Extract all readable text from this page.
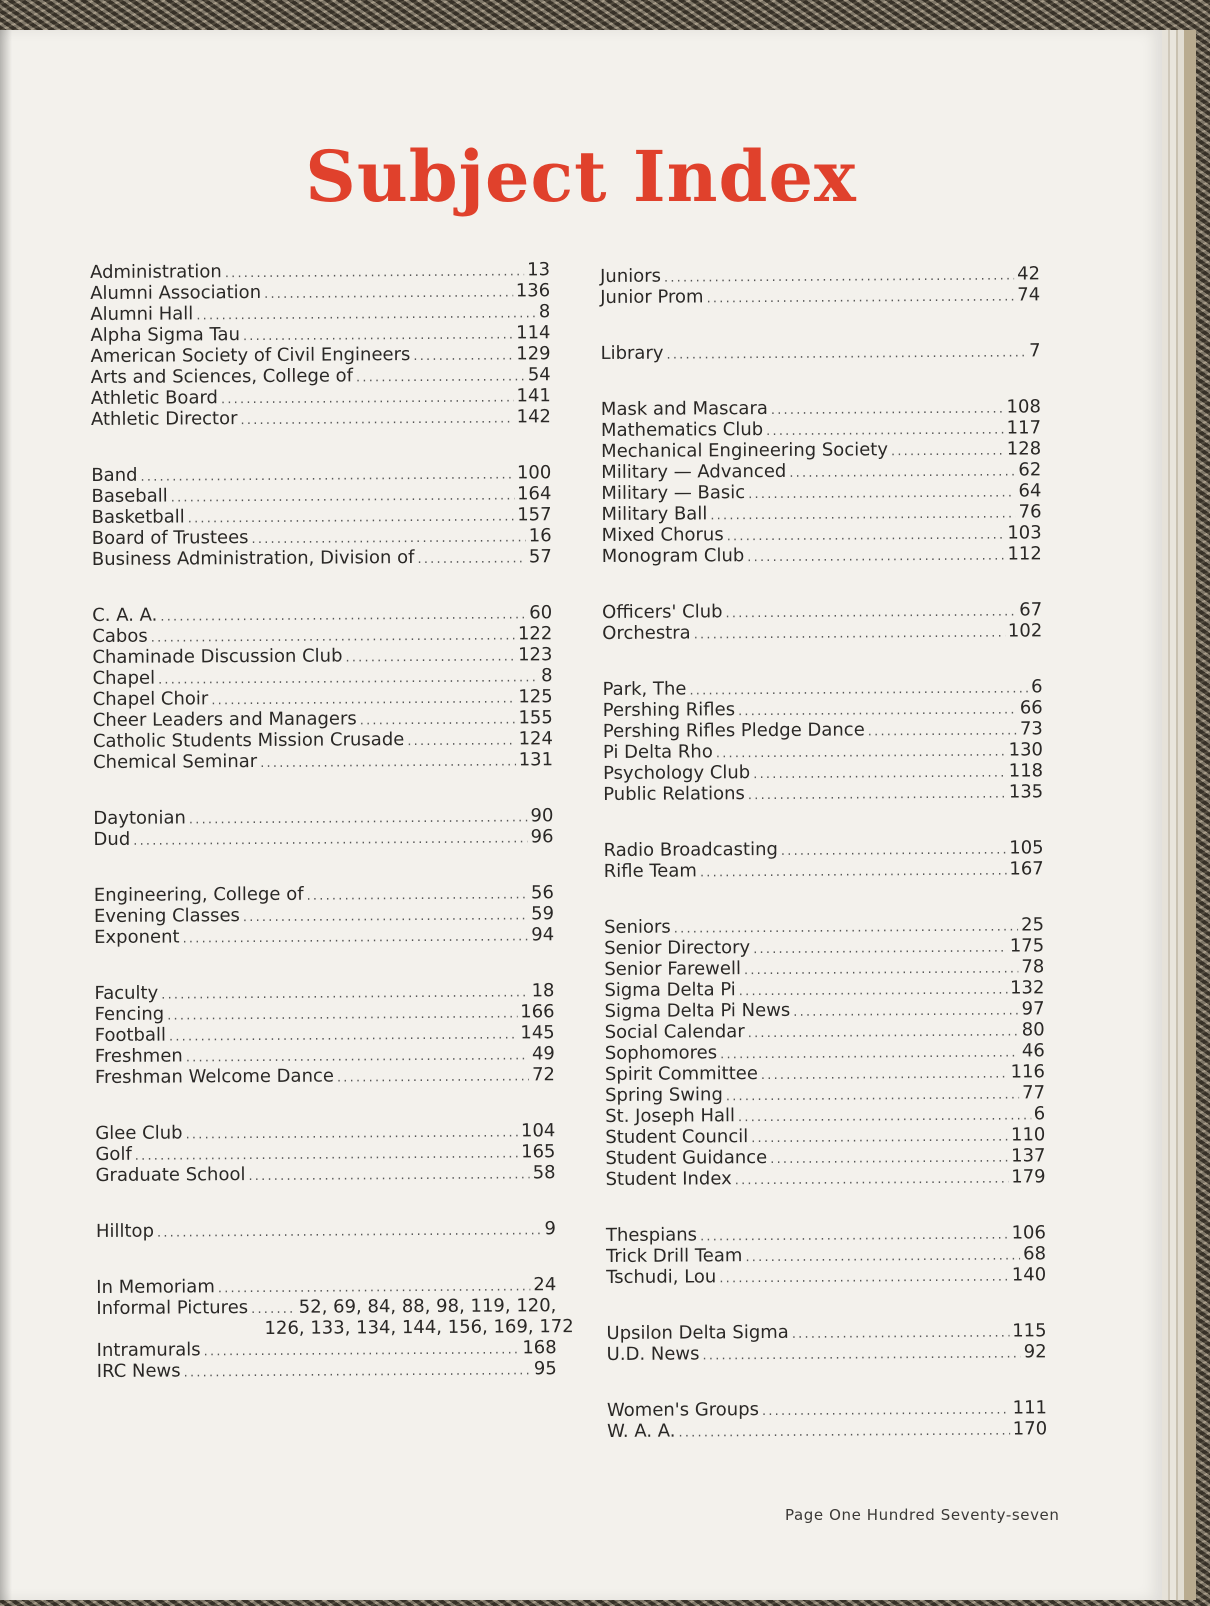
Subject Index
Administration .....	13
Alumni Association .....	136
Alumni Hall .....	8
Alpha Sigma Tau .....	114
American Society of Civil Engineers .....	129
Arts and Sciences, College of .....	54
Athletic Board .....	141
Athletic Director .....	142
Band .....	100
Baseball .....	164
Basketball .....	157
Board of Trustees .....	16
Business Administration, Division of .....	57
C. A. A. .....	60
Cabos .....	122
Chaminade Discussion Club .....	123
Chapel .....	8
Chapel Choir .....	125
Cheer Leaders and Managers .....	155
Catholic Students Mission Crusade .....	124
Chemical Seminar .....	131
Daytonian .....	90
Dud .....	96
Engineering, College of .....	56
Evening Classes .....	59
Exponent .....	94
Faculty .....	18
Fencing .....	166
Football .....	145
Freshmen .....	49
Freshman Welcome Dance .....	72
Glee Club .....	104
Golf .....	165
Graduate School .....	58
Hilltop .....	9
In Memoriam .....	24
Informal Pictures .....	52, 69, 84, 88, 98, 119, 120,
126, 133, 134, 144, 156, 169, 172
Intramurals .....	168
IRC News .....	95
Juniors .....	42
Junior Prom .....	74
Library .....	7
Mask and Mascara .....	108
Mathematics Club .....	117
Mechanical Engineering Society .....	128
Military — Advanced .....	62
Military — Basic .....	64
Military Ball .....	76
Mixed Chorus .....	103
Monogram Club .....	112
Officers' Club .....	67
Orchestra .....	102
Park, The .....	6
Pershing Rifles .....	66
Pershing Rifles Pledge Dance .....	73
Pi Delta Rho .....	130
Psychology Club .....	118
Public Relations .....	135
Radio Broadcasting .....	105
Rifle Team .....	167
Seniors .....	25
Senior Directory .....	175
Senior Farewell .....	78
Sigma Delta Pi .....	132
Sigma Delta Pi News .....	97
Social Calendar .....	80
Sophomores .....	46
Spirit Committee .....	116
Spring Swing .....	77
St. Joseph Hall .....	6
Student Council .....	110
Student Guidance .....	137
Student Index .....	179
Thespians .....	106
Trick Drill Team .....	68
Tschudi, Lou .....	140
Upsilon Delta Sigma .....	115
U.D. News .....	92
Women's Groups .....	111
W. A. A. .....	170
Page One Hundred Seventy-seven
